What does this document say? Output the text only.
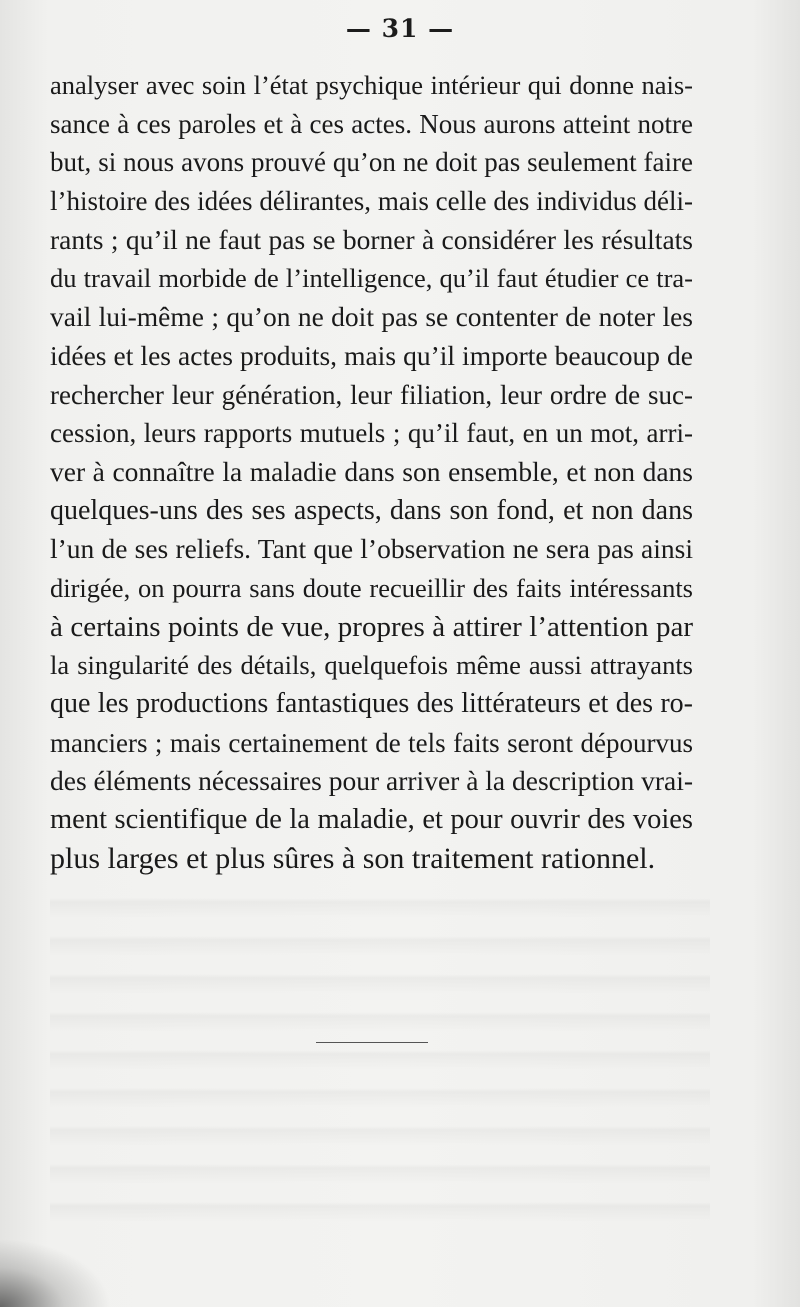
— 31 —
analyser avec soin l’état psychique intérieur qui donne nais-
sance à ces paroles et à ces actes. Nous aurons atteint notre
but, si nous avons prouvé qu’on ne doit pas seulement faire
l’histoire des idées délirantes, mais celle des individus déli-
rants ; qu’il ne faut pas se borner à considérer les résultats
du travail morbide de l’intelligence, qu’il faut étudier ce tra-
vail lui-même ; qu’on ne doit pas se contenter de noter les
idées et les actes produits, mais qu’il importe beaucoup de
rechercher leur génération, leur filiation, leur ordre de suc-
cession, leurs rapports mutuels ; qu’il faut, en un mot, arri-
ver à connaître la maladie dans son ensemble, et non dans
quelques-uns des ses aspects, dans son fond, et non dans
l’un de ses reliefs. Tant que l’observation ne sera pas ainsi
dirigée, on pourra sans doute recueillir des faits intéressants
à certains points de vue, propres à attirer l’attention par
la singularité des détails, quelquefois même aussi attrayants
que les productions fantastiques des littérateurs et des ro-
manciers ; mais certainement de tels faits seront dépourvus
des éléments nécessaires pour arriver à la description vrai-
ment scientifique de la maladie, et pour ouvrir des voies
plus larges et plus sûres à son traitement rationnel.
